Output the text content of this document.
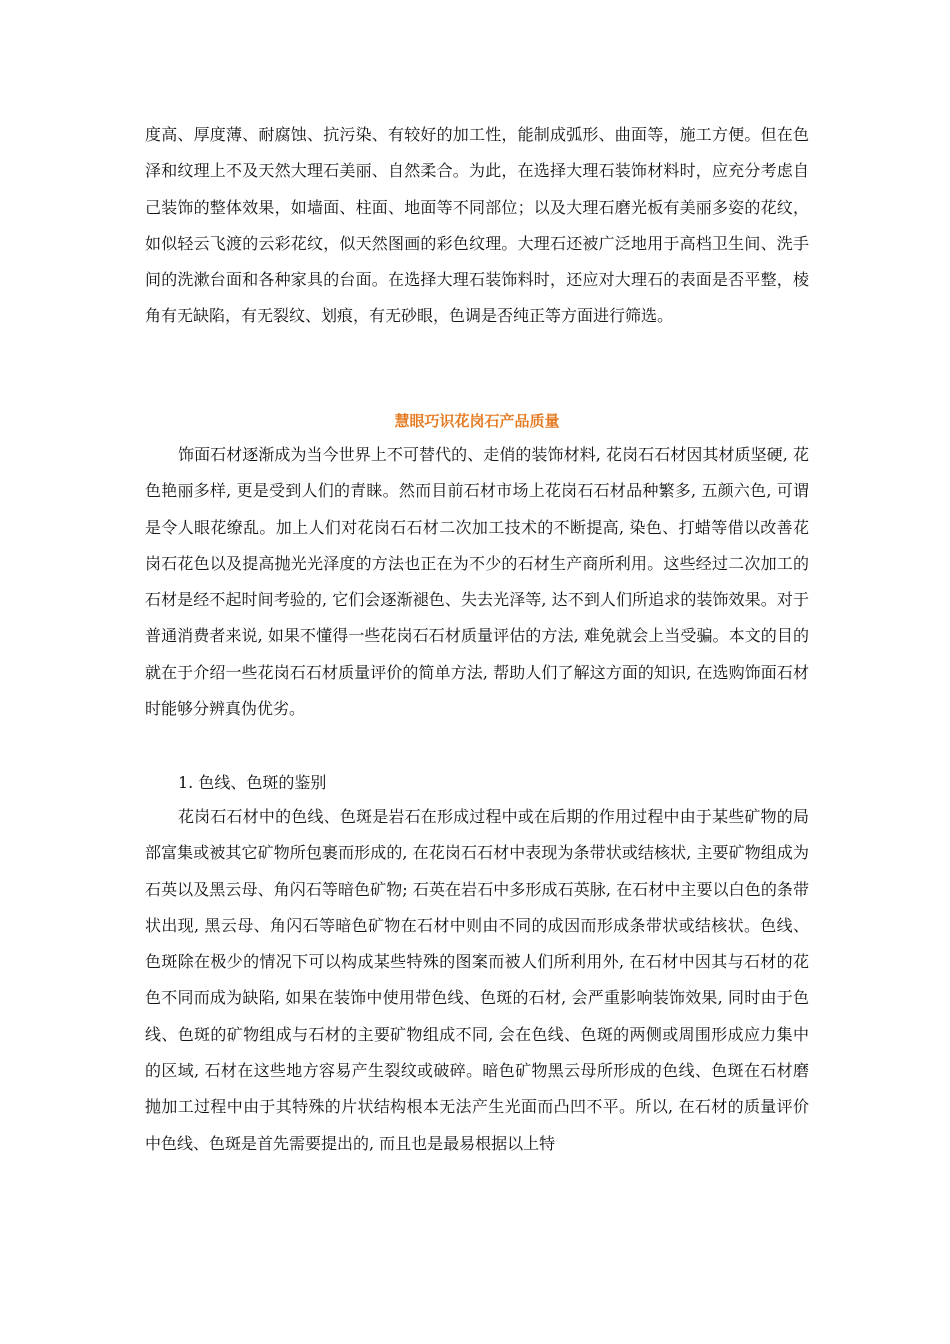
度高、厚度薄、耐腐蚀、抗污染、有较好的加工性，能制成弧形、曲面等，施工方便。但在色泽和纹理上不及天然大理石美丽、自然柔合。为此，在选择大理石装饰材料时，应充分考虑自己装饰的整体效果，如墙面、柱面、地面等不同部位；以及大理石磨光板有美丽多姿的花纹，如似轻云飞渡的云彩花纹，似天然图画的彩色纹理。大理石还被广泛地用于高档卫生间、洗手间的洗漱台面和各种家具的台面。在选择大理石装饰料时，还应对大理石的表面是否平整，棱角有无缺陷，有无裂纹、划痕，有无砂眼，色调是否纯正等方面进行筛选。

慧眼巧识花岗石产品质量

饰面石材逐渐成为当今世界上不可替代的、走俏的装饰材料, 花岗石石材因其材质坚硬, 花色艳丽多样, 更是受到人们的青睐。然而目前石材市场上花岗石石材品种繁多, 五颜六色, 可谓是令人眼花缭乱。加上人们对花岗石石材二次加工技术的不断提高, 染色、打蜡等借以改善花岗石花色以及提高抛光光泽度的方法也正在为不少的石材生产商所利用。这些经过二次加工的石材是经不起时间考验的, 它们会逐渐褪色、失去光泽等, 达不到人们所追求的装饰效果。对于普通消费者来说, 如果不懂得一些花岗石石材质量评估的方法, 难免就会上当受骗。本文的目的就在于介绍一些花岗石石材质量评价的简单方法, 帮助人们了解这方面的知识, 在选购饰面石材时能够分辨真伪优劣。

1. 色线、色斑的鉴别

花岗石石材中的色线、色斑是岩石在形成过程中或在后期的作用过程中由于某些矿物的局部富集或被其它矿物所包裹而形成的, 在花岗石石材中表现为条带状或结核状, 主要矿物组成为石英以及黑云母、角闪石等暗色矿物; 石英在岩石中多形成石英脉, 在石材中主要以白色的条带状出现, 黑云母、角闪石等暗色矿物在石材中则由不同的成因而形成条带状或结核状。色线、色斑除在极少的情况下可以构成某些特殊的图案而被人们所利用外, 在石材中因其与石材的花色不同而成为缺陷, 如果在装饰中使用带色线、色斑的石材, 会严重影响装饰效果, 同时由于色线、色斑的矿物组成与石材的主要矿物组成不同, 会在色线、色斑的两侧或周围形成应力集中的区域, 石材在这些地方容易产生裂纹或破碎。暗色矿物黑云母所形成的色线、色斑在石材磨抛加工过程中由于其特殊的片状结构根本无法产生光面而凸凹不平。所以, 在石材的质量评价中色线、色斑是首先需要提出的, 而且也是最易根据以上特
